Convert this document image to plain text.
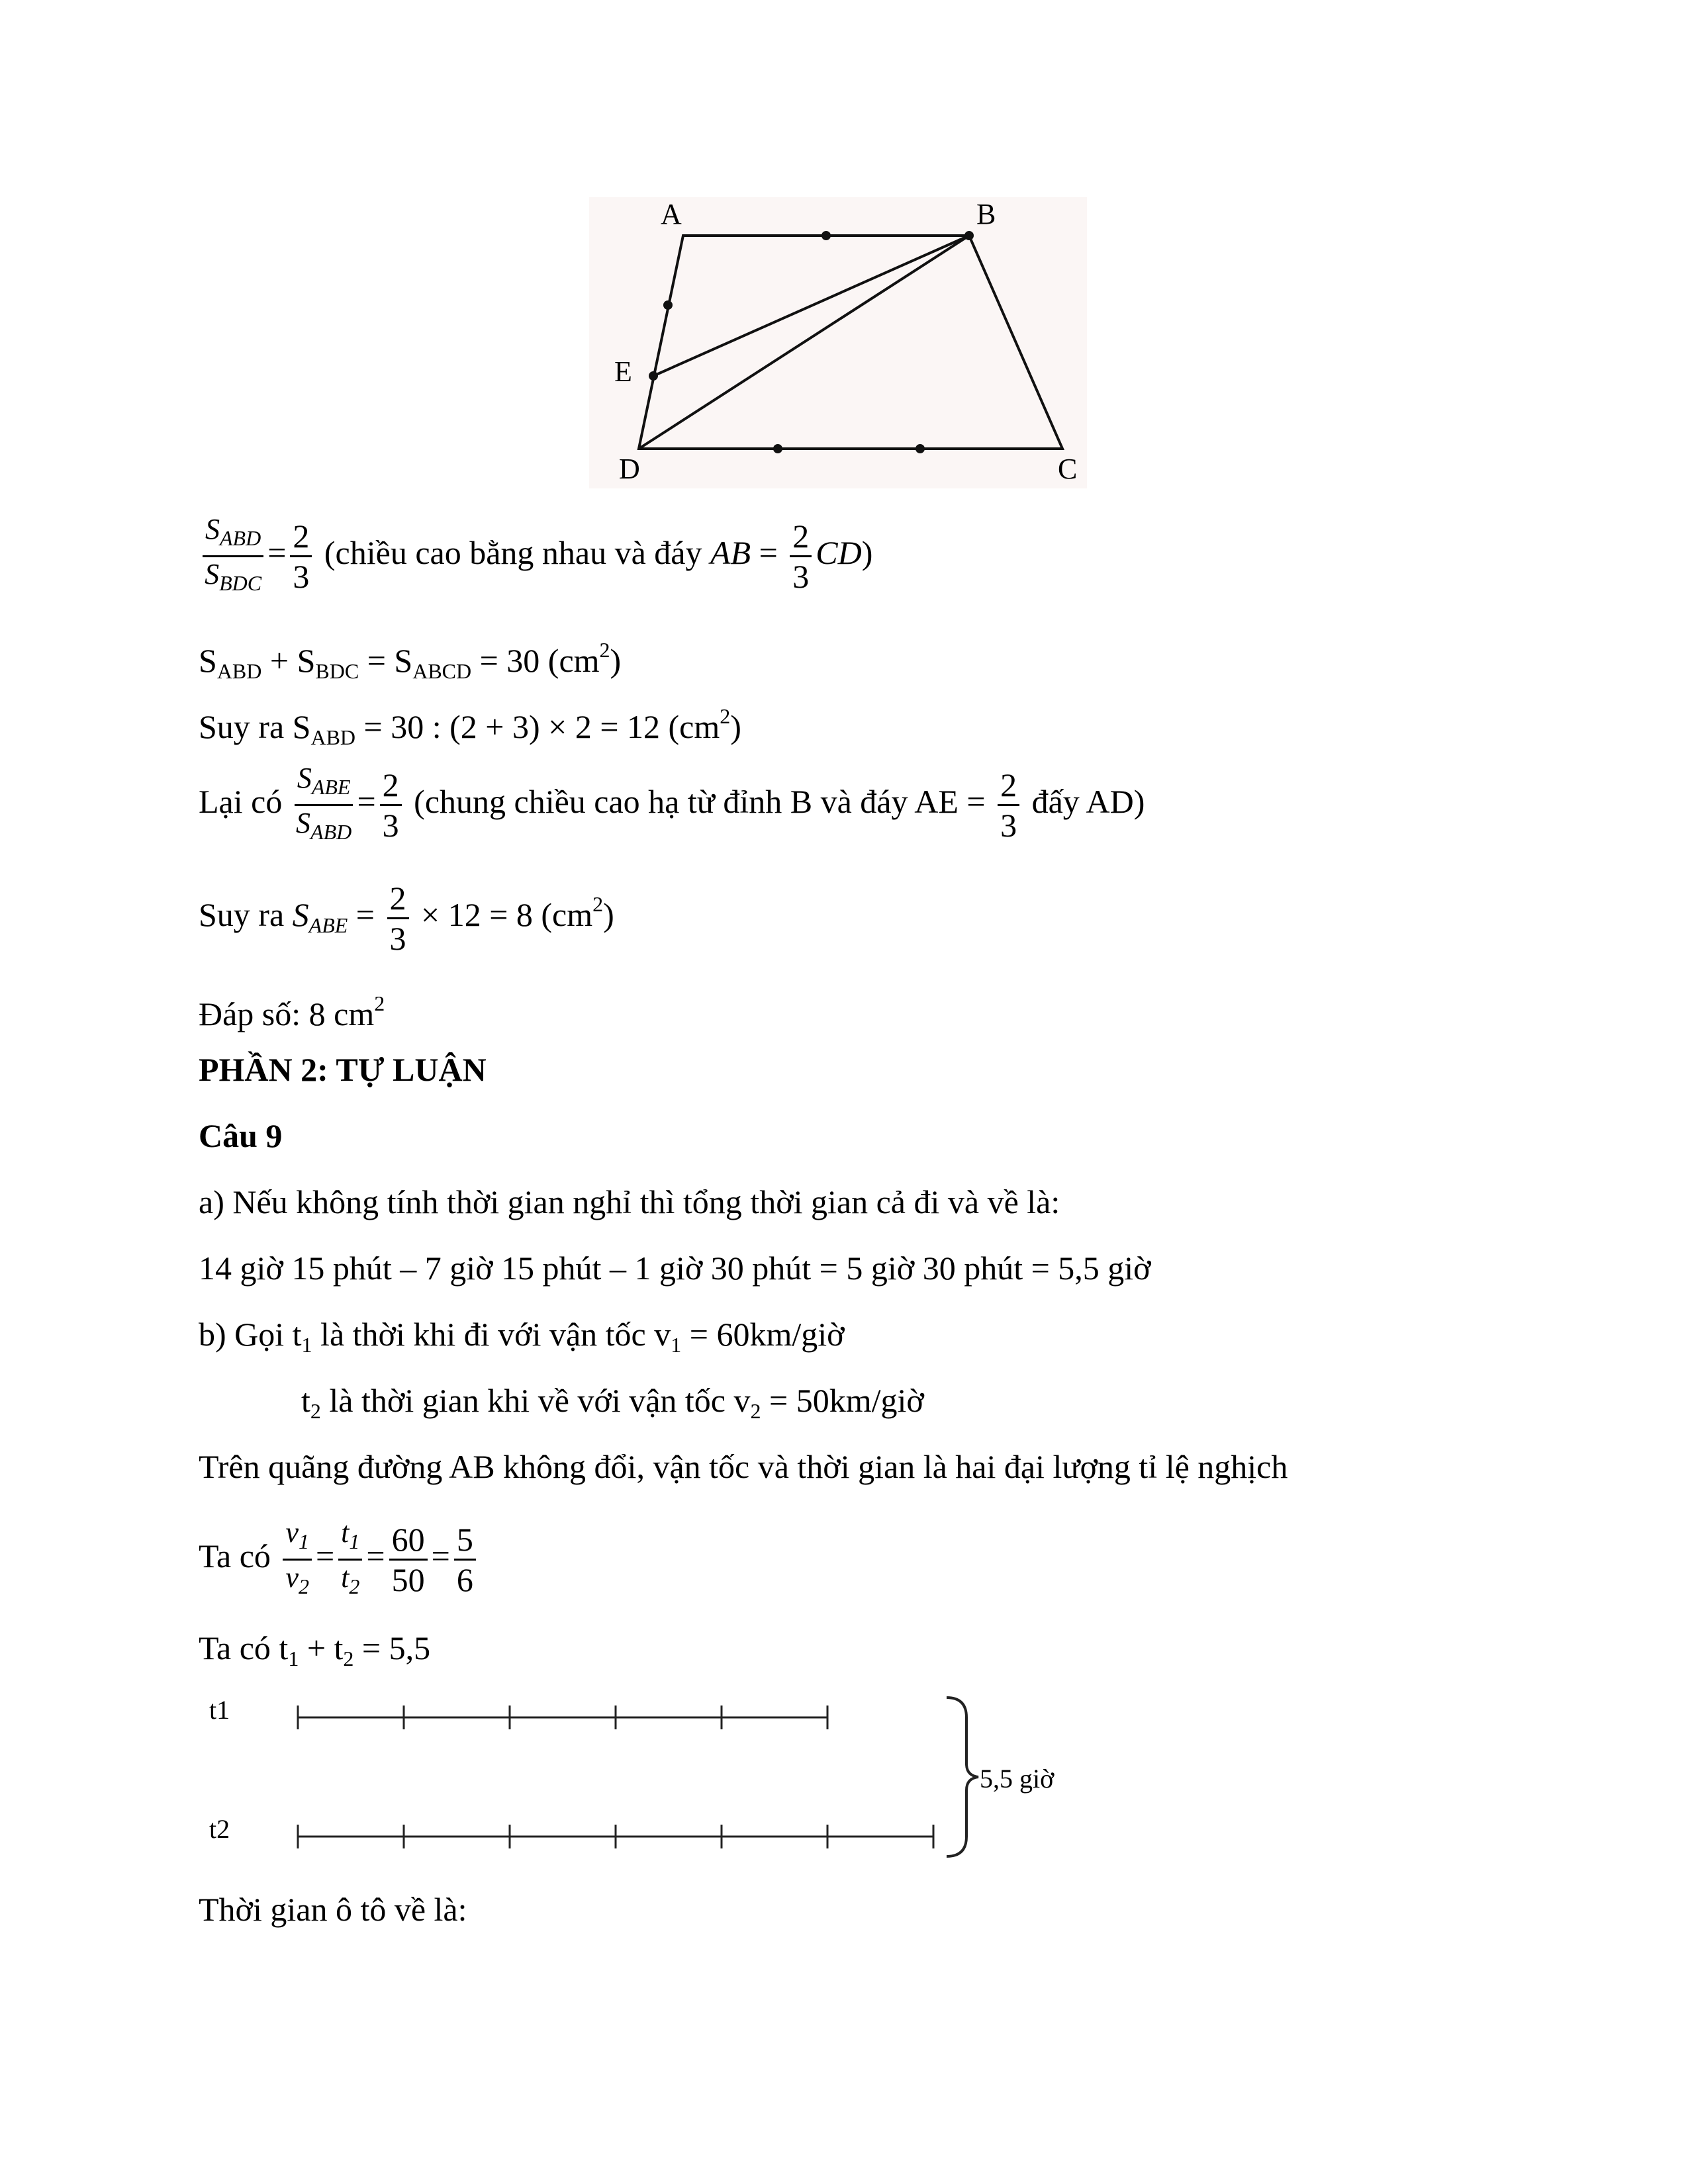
A	B
C
D
E
$\frac{S_{ABD}}{S_{BDC}} = \frac{2}{3}$ (chiều cao bằng nhau và đáy AB = $\frac{2}{3} CD$)
$S_{ABD} + S_{BDC} = S_{ABCD} = 30$ $(cm^2)$
Suy ra $S_{ABD} = 30$ : (2 + 3) × 2 = 12 $(cm^2)$
Lại có $\frac{S_{ABE}}{S_{ABD}} = \frac{2}{3}$ (chung chiều cao hạ từ đỉnh B và đáy AE = $\frac{2}{3}$ đấy AD)
Suy ra $S_{ABE} = \frac{2}{3} \times 12 = 8$ $(cm^2)$
Đáp số: 8 $cm^2$
PHẦN 2: TỰ LUẬN
Câu 9
a) Nếu không tính thời gian nghỉ thì tổng thời gian cả đi và về là:
14 giờ 15 phút – 7 giờ 15 phút – 1 giờ 30 phút = 5 giờ 30 phút = 5,5 giờ
b) Gọi $t_1$ là thời khi đi với vận tốc $v_1$ = 60km/giờ
$t_2$ là thời gian khi về với vận tốc $v_2$ = 50km/giờ
Trên quãng đường AB không đổi, vận tốc và thời gian là hai đại lượng tỉ lệ nghịch
Ta có $\frac{v_1}{v_2} = \frac{t_1}{t_2} = \frac{60}{50} = \frac{5}{6}$
Ta có $t_1 + t_2 = 5,5$
t1
t2
5,5 giờ
Thời gian ô tô về là:
